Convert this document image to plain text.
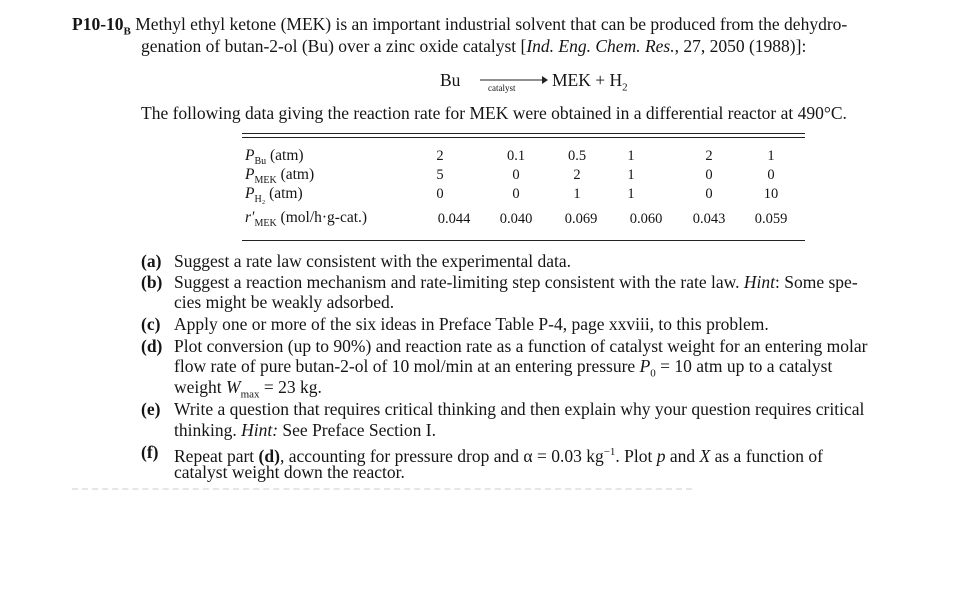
$P10-10_B$ Methyl ethyl ketone (MEK) is an important industrial solvent that can be produced from the dehydro-
genation of butan-2-ol (Bu) over a zinc oxide catalyst [Ind. Eng. Chem. Res., 27, 2050 (1988)]:
Bu →
catalyst MEK + $H_2$
The following data giving the reaction rate for MEK were obtained in a differential reactor at 490°C.
$P_{Bu}$ (atm)	2	0.1	0.5	1	2	1
$P_{MEK}$ (atm)	5	0	2	1	0	0
$P_{H_2}$ (atm)	0	0	1	1	0	10
$r'_{MEK}$ (mol/h·g-cat.)	0.044	0.040	0.069	0.060	0.043	0.059
(a) Suggest a rate law consistent with the experimental data.
(b) Suggest a reaction mechanism and rate-limiting step consistent with the rate law. Hint: Some spe-
cies might be weakly adsorbed.
(c) Apply one or more of the six ideas in Preface Table P-4, page xxviii, to this problem.
(d) Plot conversion (up to 90%) and reaction rate as a function of catalyst weight for an entering molar
flow rate of pure butan-2-ol of 10 mol/min at an entering pressure $P_0 = 10$ atm up to a catalyst
weight $W_{max} = 23$ kg.
(e) Write a question that requires critical thinking and then explain why your question requires critical
thinking. Hint: See Preface Section I.
(f) Repeat part (d), accounting for pressure drop and α = 0.03 $kg^{-1}$. Plot p and X as a function of
catalyst weight down the reactor.
